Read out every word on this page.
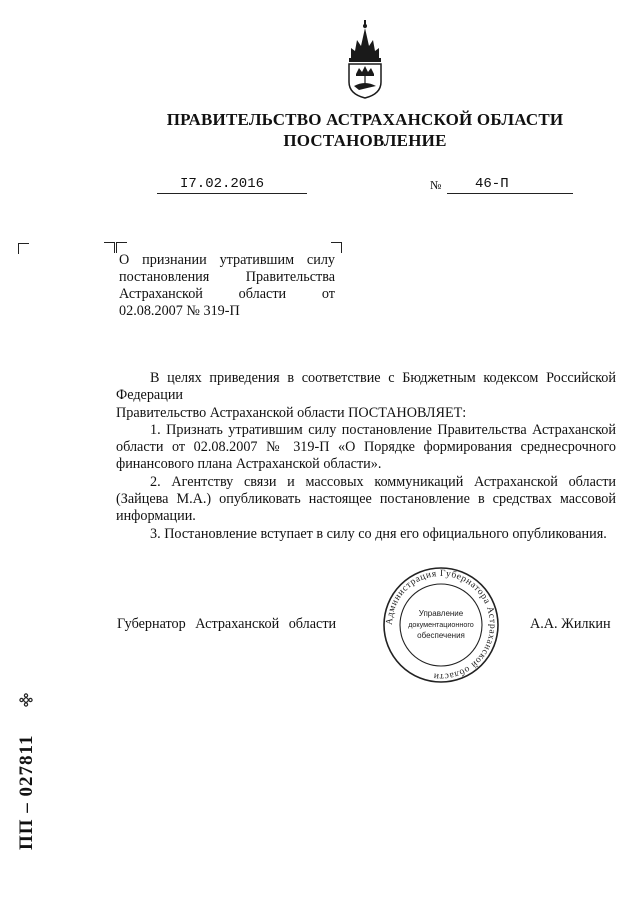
ПРАВИТЕЛЬСТВО АСТРАХАНСКОЙ ОБЛАСТИ
ПОСТАНОВЛЕНИЕ
I7.02.2016	№ 46-П
О признании утратившим силу постановления Правительства Астраханской области от 02.08.2007 № 319-П

В целях приведения в соответствие с Бюджетным кодексом Российской Федерации

Правительство Астраханской области ПОСТАНОВЛЯЕТ:

1. Признать утратившим силу постановление Правительства Астраханской области от 02.08.2007 № 319-П «О Порядке формирования среднесрочного финансового плана Астраханской области».

2. Агентству связи и массовых коммуникаций Астраханской области (Зайцева М.А.) опубликовать настоящее постановление в средствах массовой информации.

3. Постановление вступает в силу со дня его официального опубликования.

Губернатор Астраханской области	А.А. Жилкин
Администрация Губернатора Астраханской области
Управление
документационного
обеспечения
ПП – 027811
